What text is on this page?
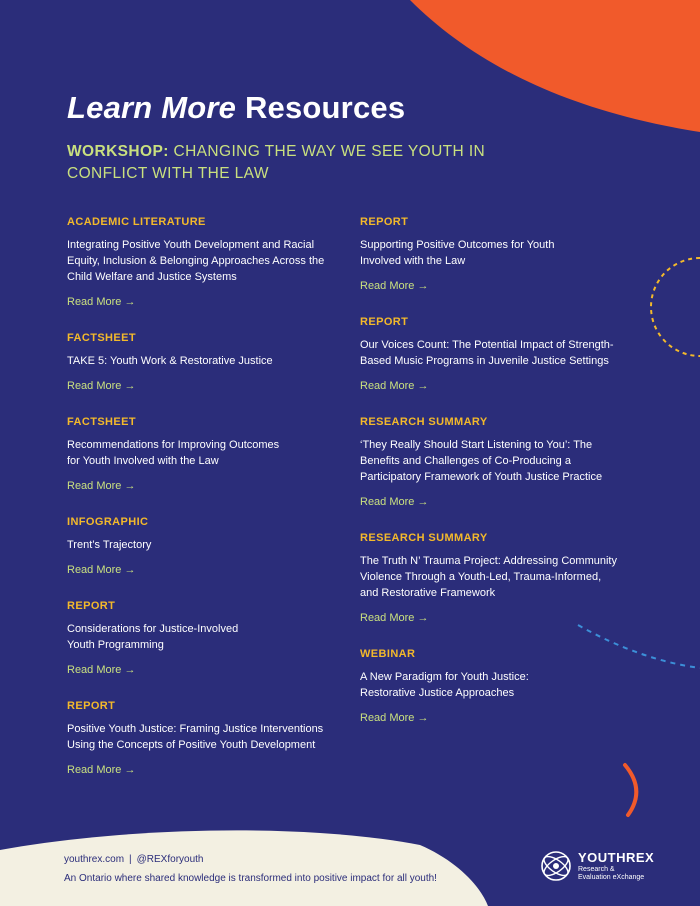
Learn More Resources
WORKSHOP: CHANGING THE WAY WE SEE YOUTH IN CONFLICT WITH THE LAW
ACADEMIC LITERATURE
Integrating Positive Youth Development and Racial
Equity, Inclusion & Belonging Approaches Across the
Child Welfare and Justice Systems
Read More →
FACTSHEET
TAKE 5: Youth Work & Restorative Justice
Read More →
FACTSHEET
Recommendations for Improving Outcomes
for Youth Involved with the Law
Read More →
INFOGRAPHIC
Trent’s Trajectory
Read More →
REPORT
Considerations for Justice-Involved
Youth Programming
Read More →
REPORT
Positive Youth Justice: Framing Justice Interventions
Using the Concepts of Positive Youth Development
Read More →
REPORT
Supporting Positive Outcomes for Youth
Involved with the Law
Read More →
REPORT
Our Voices Count: The Potential Impact of Strength-
Based Music Programs in Juvenile Justice Settings
Read More →
RESEARCH SUMMARY
‘They Really Should Start Listening to You’: The
Benefits and Challenges of Co-Producing a
Participatory Framework of Youth Justice Practice
Read More →
RESEARCH SUMMARY
The Truth N’ Trauma Project: Addressing Community
Violence Through a Youth-Led, Trauma-Informed,
and Restorative Framework
Read More →
WEBINAR
A New Paradigm for Youth Justice:
Restorative Justice Approaches
Read More →
youthrex.com | @REXforyouth
An Ontario where shared knowledge is transformed into positive impact for all youth!
YOUTHREX
Research &
Evaluation eXchange
